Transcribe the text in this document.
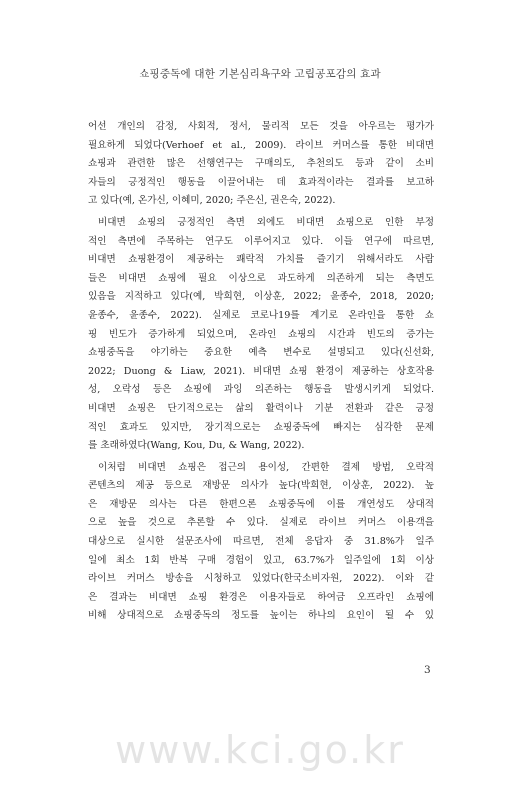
쇼핑중독에 대한 기본심리욕구와 고립공포감의 효과
어선 개인의 감정, 사회적, 정서, 물리적 모든 것을 아우르는 평가가
필요하게 되었다(Verhoef et al., 2009). 라이브 커머스를 통한 비대면
쇼핑과 관련한 많은 선행연구는 구매의도, 추천의도 등과 같이 소비
자들의 긍정적인 행동을 이끌어내는 데 효과적이라는 결과를 보고하
고 있다(예, 온가신, 이혜미, 2020; 주은신, 권은숙, 2022).
비대면 쇼핑의 긍정적인 측면 외에도 비대면 쇼핑으로 인한 부정
적인 측면에 주목하는 연구도 이루어지고 있다. 이들 연구에 따르면,
비대면 쇼핑환경이 제공하는 쾌락적 가치를 즐기기 위해서라도 사람
들은 비대면 쇼핑에 필요 이상으로 과도하게 의존하게 되는 측면도
있음을 지적하고 있다(예, 박희현, 이상훈, 2022; 윤종수, 2018, 2020;
윤종수, 윤종수, 2022). 실제로 코로나19를 계기로 온라인을 통한 쇼
핑 빈도가 증가하게 되었으며, 온라인 쇼핑의 시간과 빈도의 증가는
쇼핑중독을 야기하는 중요한 예측 변수로 설명되고 있다(신선화,
2022; Duong & Liaw, 2021). 비대면 쇼핑 환경이 제공하는 상호작용
성, 오락성 등은 쇼핑에 과잉 의존하는 행동을 발생시키게 되었다.
비대면 쇼핑은 단기적으로는 삶의 활력이나 기분 전환과 같은 긍정
적인 효과도 있지만, 장기적으로는 쇼핑중독에 빠지는 심각한 문제
를 초래하였다(Wang, Kou, Du, & Wang, 2022).
이처럼 비대면 쇼핑은 접근의 용이성, 간편한 결제 방법, 오락적
콘텐츠의 제공 등으로 재방문 의사가 높다(박희현, 이상훈, 2022). 높
은 재방문 의사는 다른 한편으론 쇼핑중독에 이를 개연성도 상대적
으로 높을 것으로 추론할 수 있다. 실제로 라이브 커머스 이용객을
대상으로 실시한 설문조사에 따르면, 전체 응답자 중 31.8%가 일주
일에 최소 1회 반복 구매 경험이 있고, 63.7%가 일주일에 1회 이상
라이브 커머스 방송을 시청하고 있었다(한국소비자원, 2022). 이와 같
은 결과는 비대면 쇼핑 환경은 이용자들로 하여금 오프라인 쇼핑에
비해 상대적으로 쇼핑중독의 정도를 높이는 하나의 요인이 될 수 있
3
www.kci.go.kr
